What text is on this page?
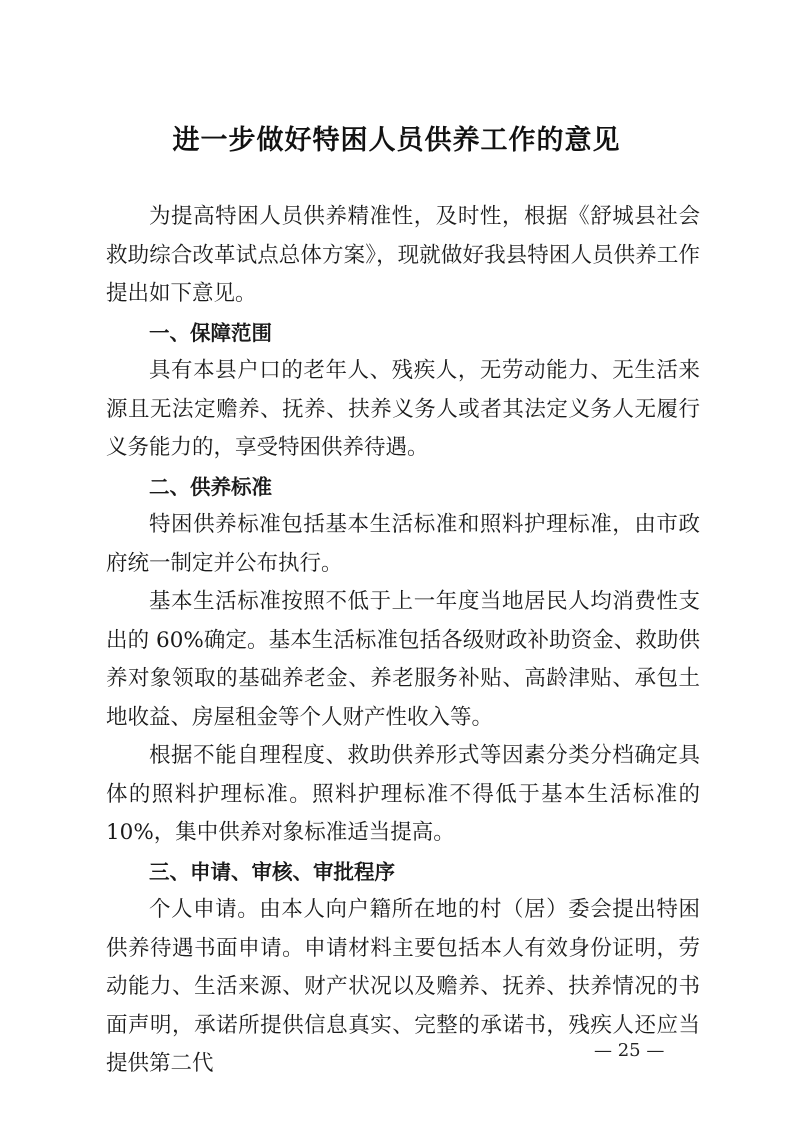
进一步做好特困人员供养工作的意见

为提高特困人员供养精准性，及时性，根据《舒城县社会救助综合改革试点总体方案》，现就做好我县特困人员供养工作提出如下意见。

一、保障范围

具有本县户口的老年人、残疾人，无劳动能力、无生活来源且无法定赡养、抚养、扶养义务人或者其法定义务人无履行义务能力的，享受特困供养待遇。

二、供养标准

特困供养标准包括基本生活标准和照料护理标准，由市政府统一制定并公布执行。

基本生活标准按照不低于上一年度当地居民人均消费性支出的 60%确定。基本生活标准包括各级财政补助资金、救助供养对象领取的基础养老金、养老服务补贴、高龄津贴、承包土地收益、房屋租金等个人财产性收入等。

根据不能自理程度、救助供养形式等因素分类分档确定具体的照料护理标准。照料护理标准不得低于基本生活标准的 10%，集中供养对象标准适当提高。

三、申请、审核、审批程序

个人申请。由本人向户籍所在地的村（居）委会提出特困供养待遇书面申请。申请材料主要包括本人有效身份证明，劳动能力、生活来源、财产状况以及赡养、抚养、扶养情况的书面声明，承诺所提供信息真实、完整的承诺书，残疾人还应当提供第二代

— 25 —
